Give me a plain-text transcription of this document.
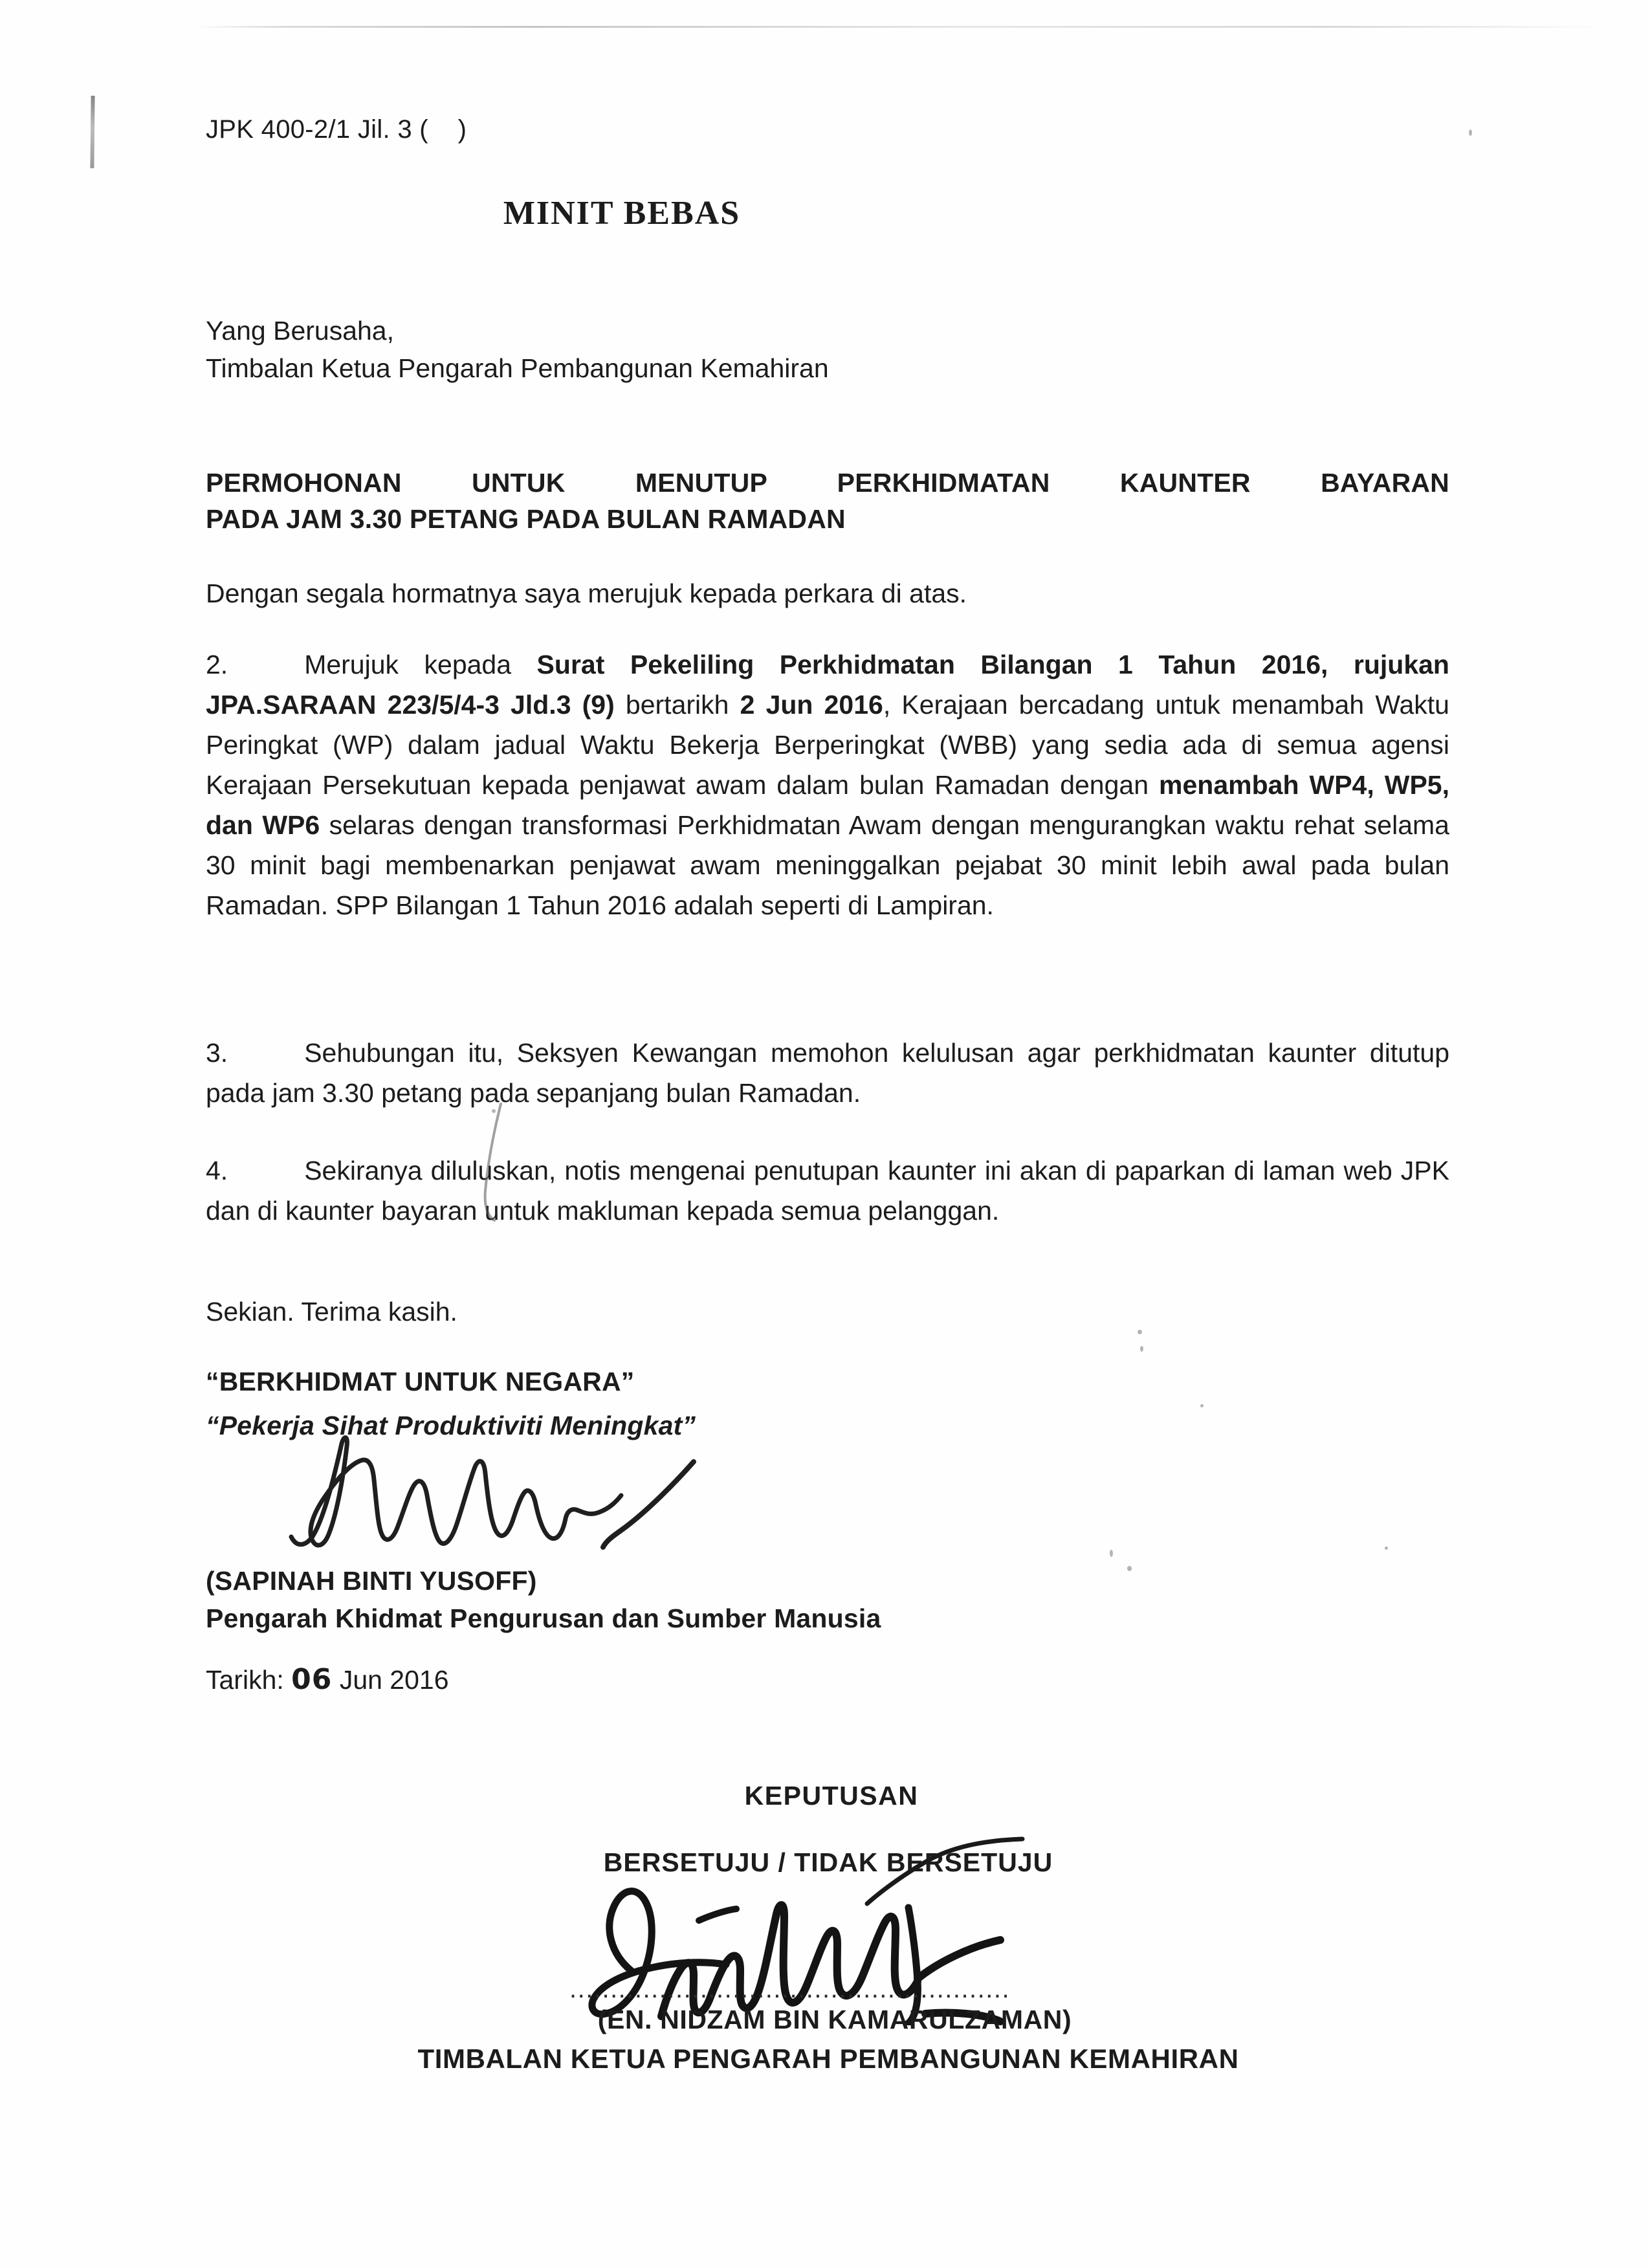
JPK 400-2/1 Jil. 3 (    )
MINIT BEBAS
Yang Berusaha,
Timbalan Ketua Pengarah Pembangunan Kemahiran
PERMOHONAN UNTUK MENUTUP PERKHIDMATAN KAUNTER BAYARAN
PADA JAM 3.30 PETANG PADA BULAN RAMADAN
Dengan segala hormatnya saya merujuk kepada perkara di atas.
2.	Merujuk kepada Surat Pekeliling Perkhidmatan Bilangan 1 Tahun 2016, rujukan JPA.SARAAN 223/5/4-3 Jld.3 (9) bertarikh 2 Jun 2016, Kerajaan bercadang untuk menambah Waktu Peringkat (WP) dalam jadual Waktu Bekerja Berperingkat (WBB) yang sedia ada di semua agensi Kerajaan Persekutuan kepada penjawat awam dalam bulan Ramadan dengan menambah WP4, WP5, dan WP6 selaras dengan transformasi Perkhidmatan Awam dengan mengurangkan waktu rehat selama 30 minit bagi membenarkan penjawat awam meninggalkan pejabat 30 minit lebih awal pada bulan Ramadan. SPP Bilangan 1 Tahun 2016 adalah seperti di Lampiran.
3.	Sehubungan itu, Seksyen Kewangan memohon kelulusan agar perkhidmatan kaunter ditutup pada jam 3.30 petang pada sepanjang bulan Ramadan.
4.	Sekiranya diluluskan, notis mengenai penutupan kaunter ini akan di paparkan di laman web JPK dan di kaunter bayaran untuk makluman kepada semua pelanggan.
Sekian. Terima kasih.
“BERKHIDMAT UNTUK NEGARA”
“Pekerja Sihat Produktiviti Meningkat”
(SAPINAH BINTI YUSOFF)
Pengarah Khidmat Pengurusan dan Sumber Manusia
Tarikh: 06 Jun 2016
KEPUTUSAN
BERSETUJU / TIDAK BERSETUJU
......................................................
(EN. NIDZAM BIN KAMARULZAMAN)
TIMBALAN KETUA PENGARAH PEMBANGUNAN KEMAHIRAN
